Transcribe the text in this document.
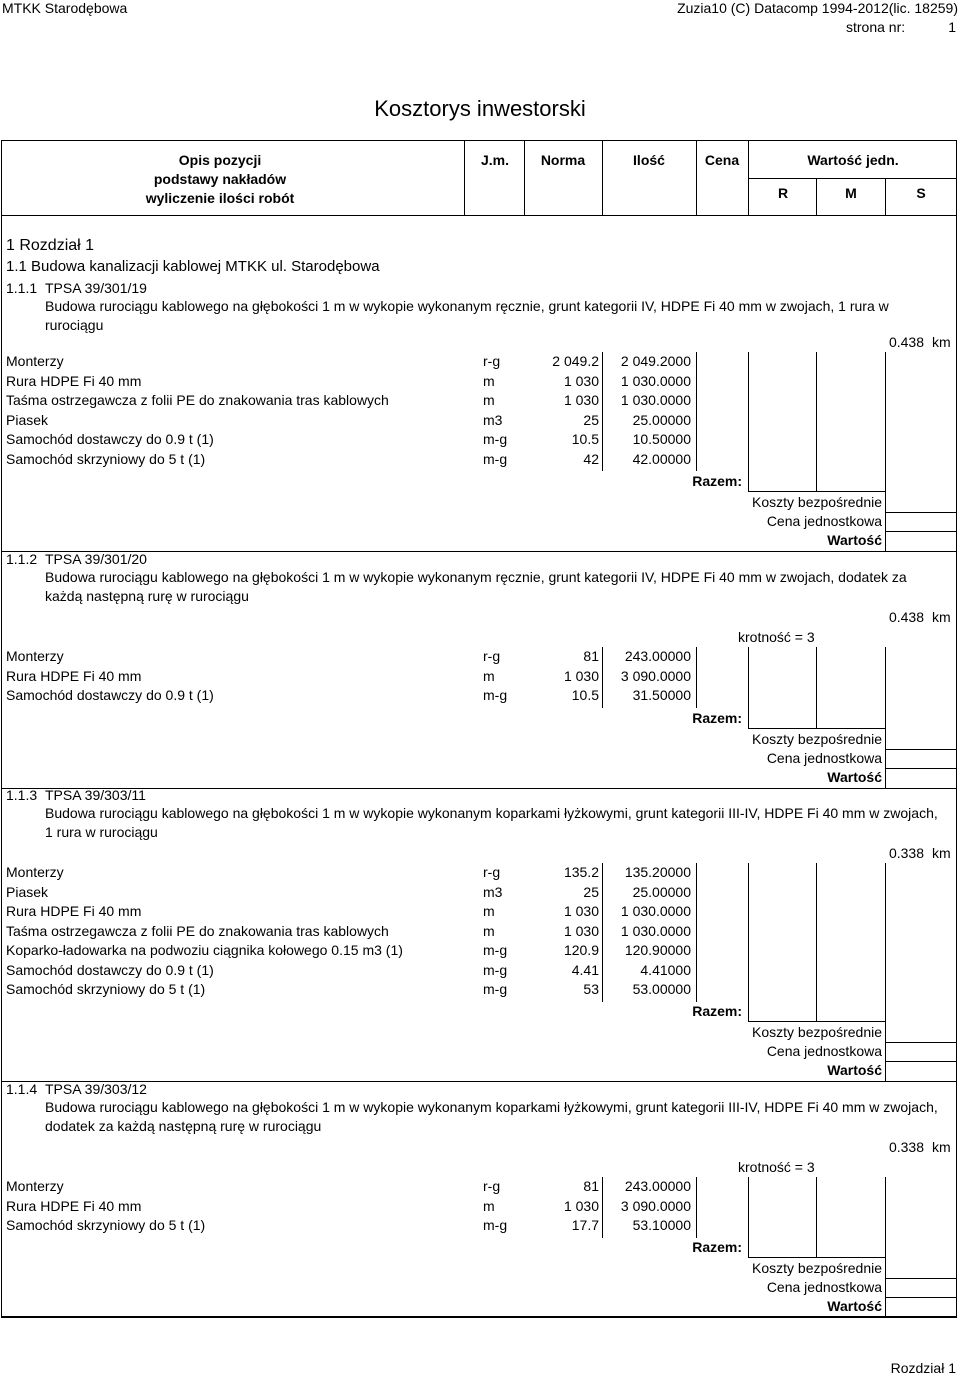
MTKK Starodębowa	Zuzia10 (C) Datacomp 1994-2012(lic. 18259)
strona nr:	1
Kosztorys inwestorski
Opis pozycji
podstawy nakładów
wyliczenie ilości robót
J.m.	Norma	Ilość	Cena	Wartość jedn.
R	M	S
1 Rozdział 1
1.1 Budowa kanalizacji kablowej MTKK ul. Starodębowa
1.1.1 TPSA 39/301/19
Budowa rurociągu kablowego na głębokości 1 m w wykopie wykonanym ręcznie, grunt kategorii IV, HDPE Fi 40 mm w zwojach, 1 rura w rurociągu
0.438 km
Monterzy	r-g	2 049.2	2 049.2000
Rura HDPE Fi 40 mm	m	1 030	1 030.0000
Taśma ostrzegawcza z folii PE do znakowania tras kablowych	m	1 030	1 030.0000
Piasek	m3	25	25.00000
Samochód dostawczy do 0.9 t (1)	m-g	10.5	10.50000
Samochód skrzyniowy do 5 t (1)	m-g	42	42.00000
Razem:
Koszty bezpośrednie
Cena jednostkowa
Wartość
1.1.2 TPSA 39/301/20
Budowa rurociągu kablowego na głębokości 1 m w wykopie wykonanym ręcznie, grunt kategorii IV, HDPE Fi 40 mm w zwojach, dodatek za każdą następną rurę w rurociągu
0.438 km
krotność = 3
Monterzy	r-g	81	243.00000
Rura HDPE Fi 40 mm	m	1 030	3 090.0000
Samochód dostawczy do 0.9 t (1)	m-g	10.5	31.50000
Razem:
Koszty bezpośrednie
Cena jednostkowa
Wartość
1.1.3 TPSA 39/303/11
Budowa rurociągu kablowego na głębokości 1 m w wykopie wykonanym koparkami łyżkowymi, grunt kategorii III-IV, HDPE Fi 40 mm w zwojach, 1 rura w rurociągu
0.338 km
Monterzy	r-g	135.2	135.20000
Piasek	m3	25	25.00000
Rura HDPE Fi 40 mm	m	1 030	1 030.0000
Taśma ostrzegawcza z folii PE do znakowania tras kablowych	m	1 030	1 030.0000
Koparko-ładowarka na podwoziu ciągnika kołowego 0.15 m3 (1)	m-g	120.9	120.90000
Samochód dostawczy do 0.9 t (1)	m-g	4.41	4.41000
Samochód skrzyniowy do 5 t (1)	m-g	53	53.00000
Razem:
Koszty bezpośrednie
Cena jednostkowa
Wartość
1.1.4 TPSA 39/303/12
Budowa rurociągu kablowego na głębokości 1 m w wykopie wykonanym koparkami łyżkowymi, grunt kategorii III-IV, HDPE Fi 40 mm w zwojach, dodatek za każdą następną rurę w rurociągu
0.338 km
krotność = 3
Monterzy	r-g	81	243.00000
Rura HDPE Fi 40 mm	m	1 030	3 090.0000
Samochód skrzyniowy do 5 t (1)	m-g	17.7	53.10000
Razem:
Koszty bezpośrednie
Cena jednostkowa
Wartość
Rozdział 1
